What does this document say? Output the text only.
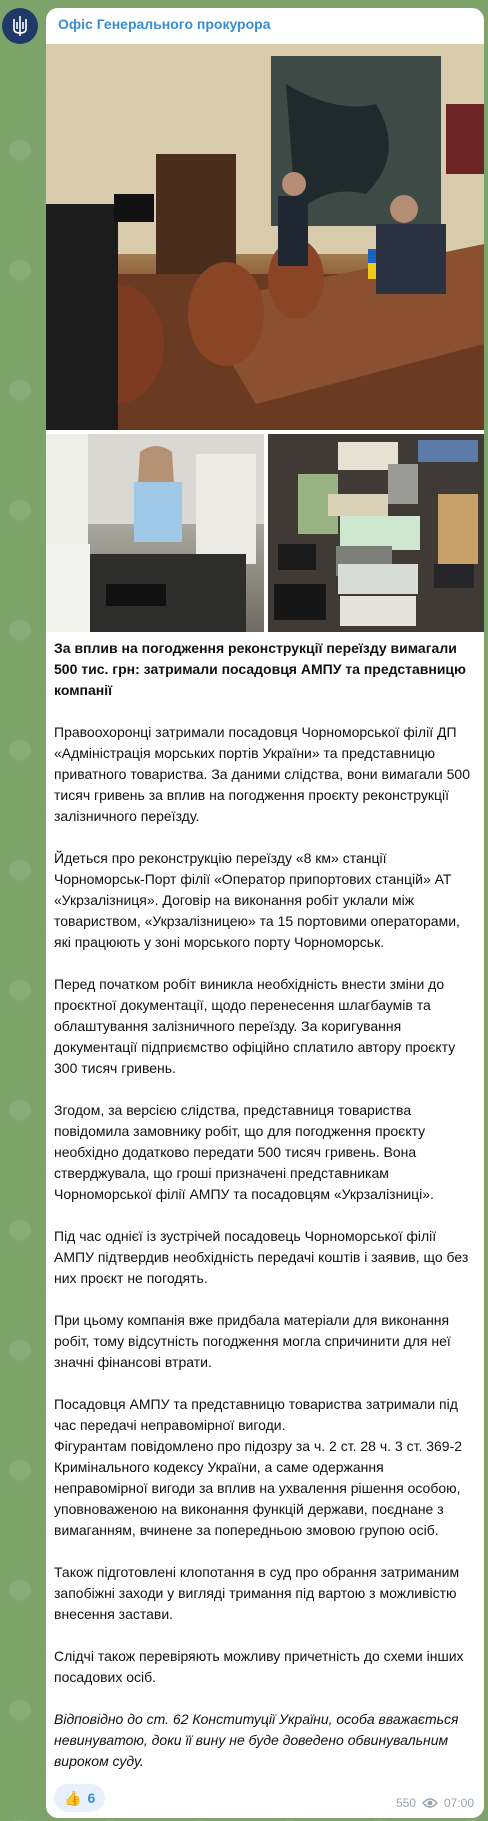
Офіс Генерального прокурора

За вплив на погодження реконструкції переїзду вимагали 500 тис. грн: затримали посадовця АМПУ та представницю компанії

Правоохоронці затримали посадовця Чорноморської філії ДП «Адміністрація морських портів України» та представницю приватного товариства. За даними слідства, вони вимагали 500 тисяч гривень за вплив на погодження проєкту реконструкції залізничного переїзду.

Йдеться про реконструкцію переїзду «8 км» станції Чорноморськ-Порт філії «Оператор припортових станцій» АТ «Укрзалізниця». Договір на виконання робіт уклали між товариством, «Укрзалізницею» та 15 портовими операторами, які працюють у зоні морського порту Чорноморськ.

Перед початком робіт виникла необхідність внести зміни до проєктної документації, щодо перенесення шлагбаумів та облаштування залізничного переїзду. За коригування документації підприємство офіційно сплатило автору проєкту 300 тисяч гривень.

Згодом, за версією слідства, представниця товариства повідомила замовнику робіт, що для погодження проєкту необхідно додатково передати 500 тисяч гривень. Вона стверджувала, що гроші призначені представникам Чорноморської філії АМПУ та посадовцям «Укрзалізниці».

Під час однієї із зустрічей посадовець Чорноморської філії АМПУ підтвердив необхідність передачі коштів і заявив, що без них проєкт не погодять.

При цьому компанія вже придбала матеріали для виконання робіт, тому відсутність погодження могла спричинити для неї значні фінансові втрати.

Посадовця АМПУ та представницю товариства затримали під час передачі неправомірної вигоди.
Фігурантам повідомлено про підозру за ч. 2 ст. 28 ч. 3 ст. 369-2 Кримінального кодексу України, а саме одержання неправомірної вигоди за вплив на ухвалення рішення особою, уповноваженою на виконання функцій держави, поєднане з вимаганням, вчинене за попередньою змовою групою осіб.

Також підготовлені клопотання в суд про обрання затриманим запобіжні заходи у вигляді тримання під вартою з можливістю внесення застави.

Слідчі також перевіряють можливу причетність до схеми інших посадових осіб.

Відповідно до ст. 62 Конституції України, особа вважається невинуватою, доки її вину не буде доведено обвинувальним вироком суду.

👍 6	550 07:00
